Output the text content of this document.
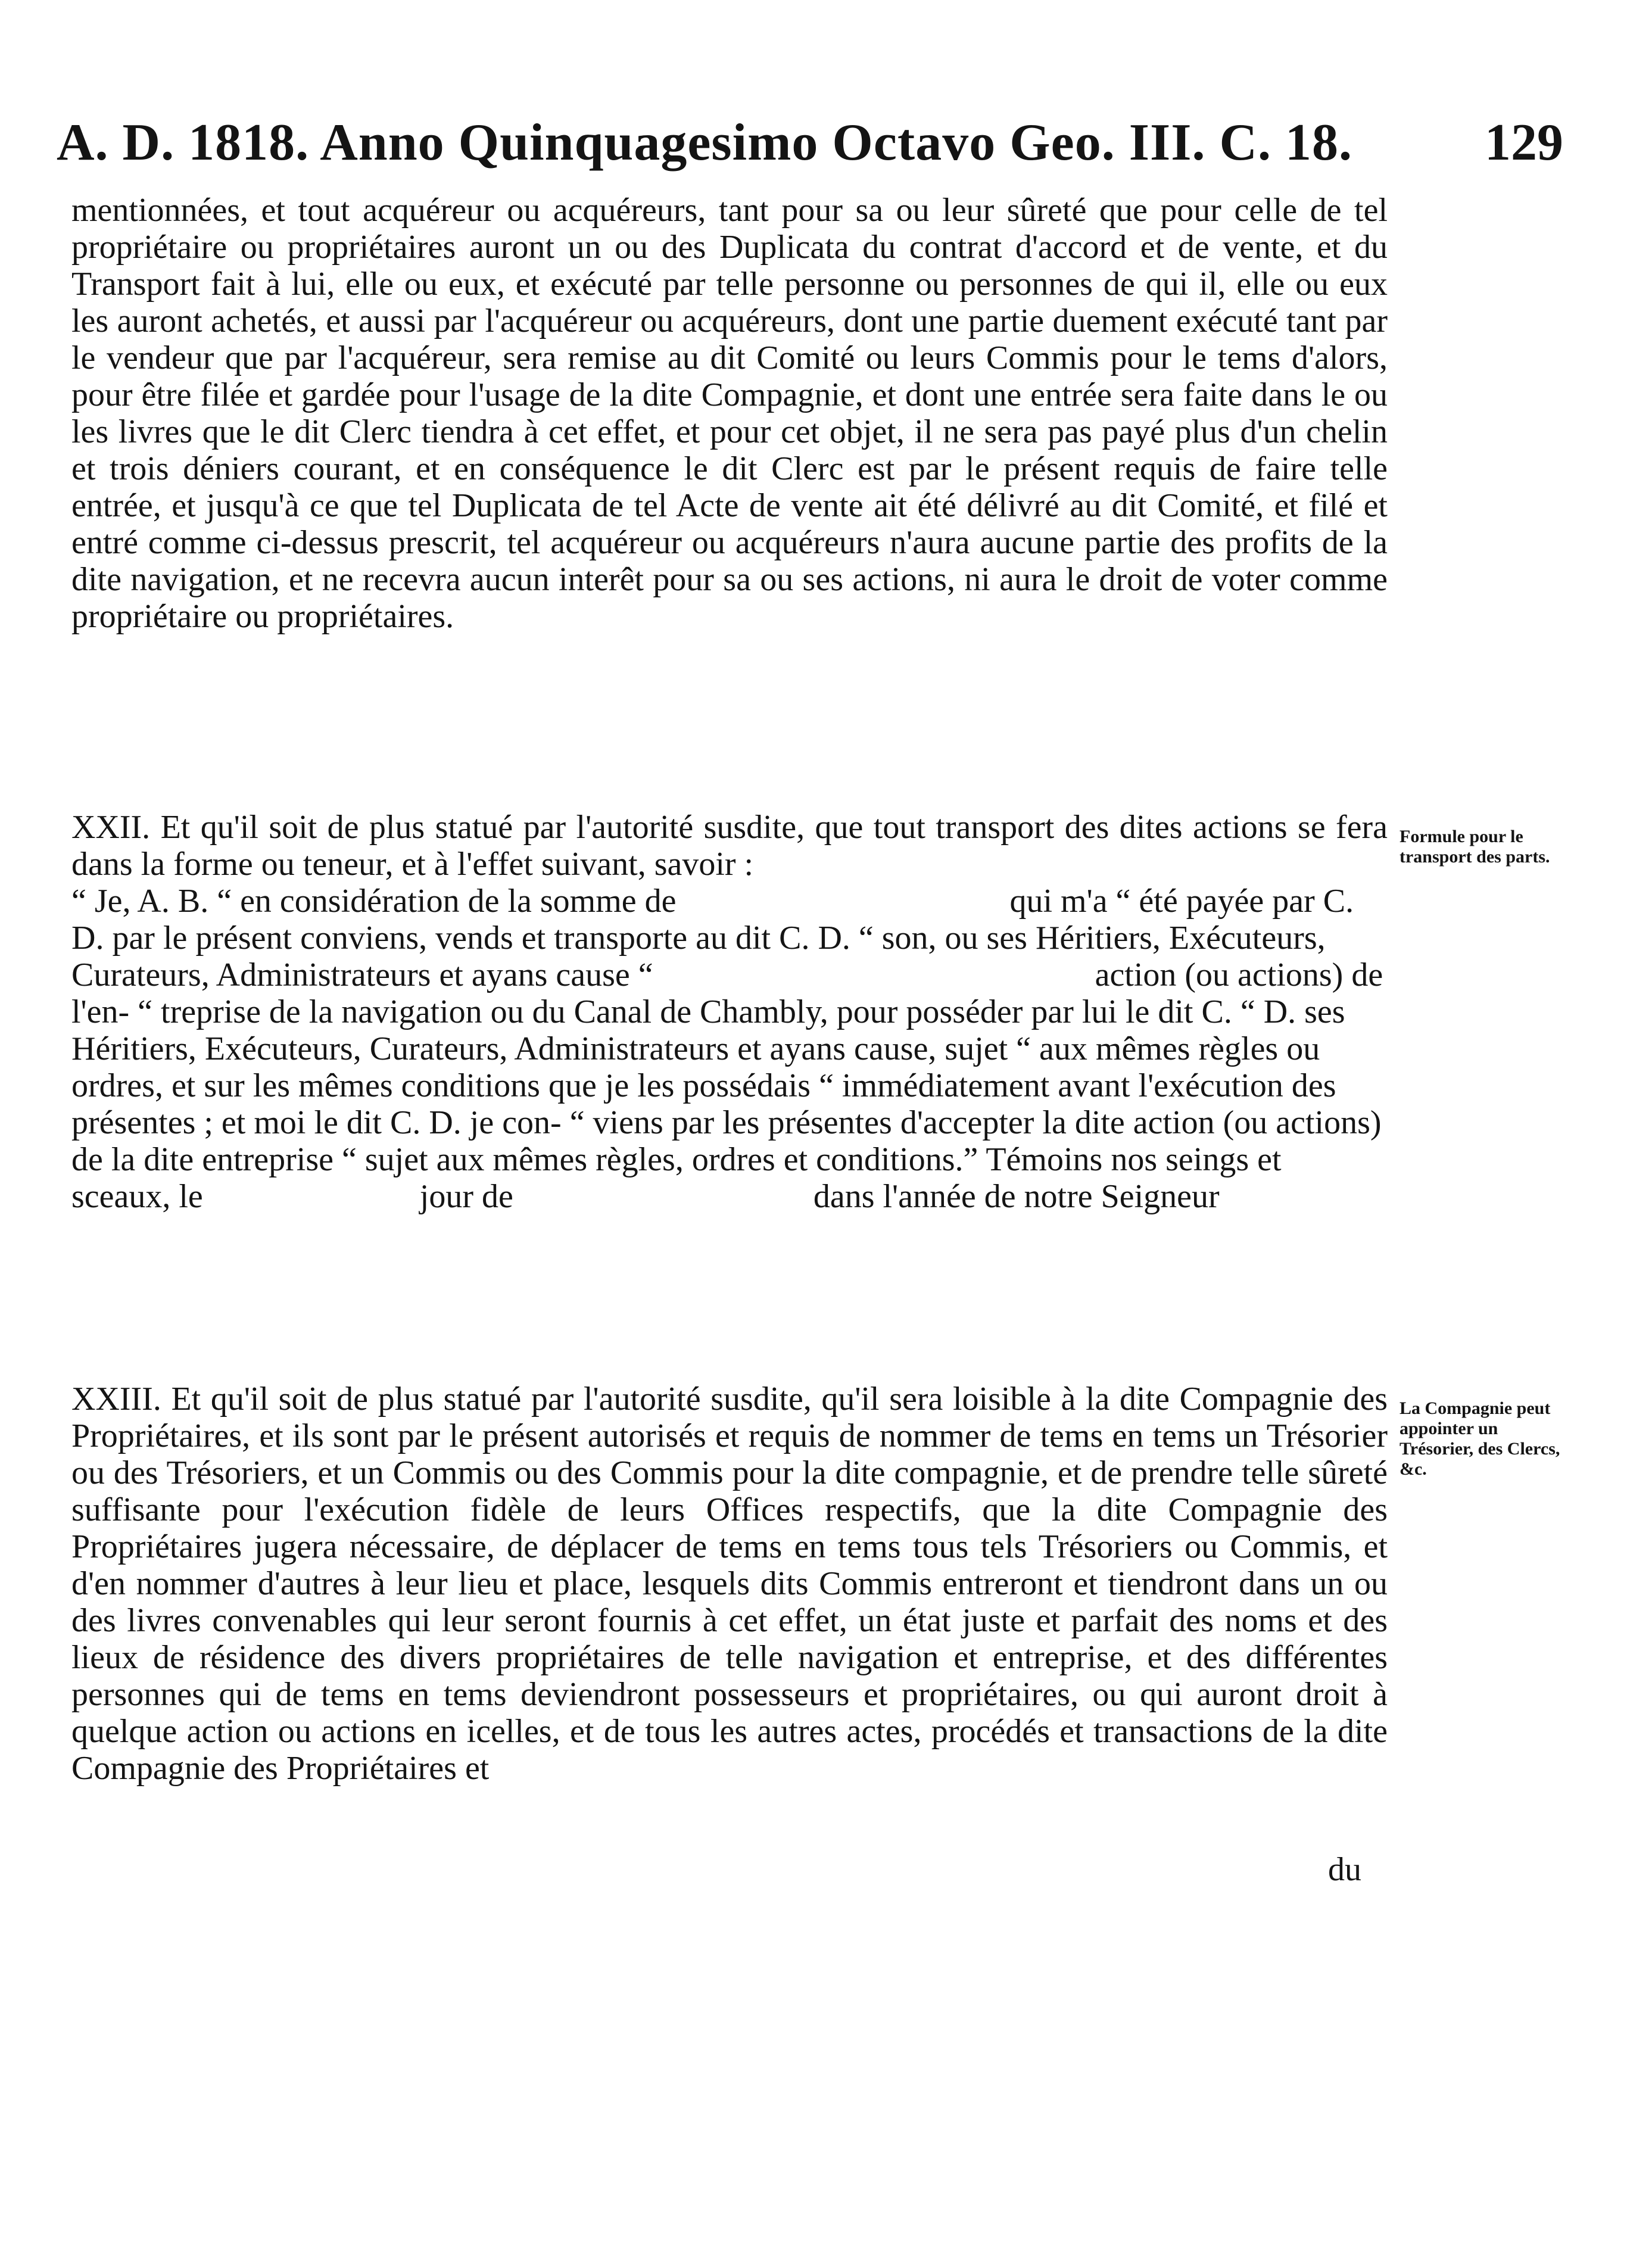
A. D. 1818. Anno Quinquagesimo Octavo Geo. III. C. 18.	129

mentionnées, et tout acquéreur ou acquéreurs, tant pour sa ou leur sûreté que pour celle de tel propriétaire ou propriétaires auront un ou des Duplicata du contrat d'accord et de vente, et du Transport fait à lui, elle ou eux, et exécuté par telle personne ou personnes de qui il, elle ou eux les auront achetés, et aussi par l'acquéreur ou acquéreurs, dont une partie duement exécuté tant par le vendeur que par l'acquéreur, sera remise au dit Comité ou leurs Commis pour le tems d'alors, pour être filée et gardée pour l'usage de la dite Compagnie, et dont une entrée sera faite dans le ou les livres que le dit Clerc tiendra à cet effet, et pour cet objet, il ne sera pas payé plus d'un chelin et trois déniers courant, et en conséquence le dit Clerc est par le présent requis de faire telle entrée, et jusqu'à ce que tel Duplicata de tel Acte de vente ait été délivré au dit Comité, et filé et entré comme ci-dessus prescrit, tel acquéreur ou acquéreurs n'aura aucune partie des profits de la dite navigation, et ne recevra aucun interêt pour sa ou ses actions, ni aura le droit de voter comme propriétaire ou propriétaires.

XXII. Et qu'il soit de plus statué par l'autorité susdite, que tout transport des dites actions se fera dans la forme ou teneur, et à l'effet suivant, savoir :

“ Je, A. B. “ en considération de la somme de                                        qui m'a “ été payée par C. D. par le présent conviens, vends et transporte au dit C. D. “ son, ou ses Héritiers, Exécuteurs, Curateurs, Administrateurs et ayans cause “                                                     action (ou actions) de l'en- “ treprise de la navigation ou du Canal de Chambly, pour posséder par lui le dit C. “ D. ses Héritiers, Exécuteurs, Curateurs, Administrateurs et ayans cause, sujet “ aux mêmes règles ou ordres, et sur les mêmes conditions que je les possédais “ immédiatement avant l'exécution des présentes ; et moi le dit C. D. je con- “ viens par les présentes d'accepter la dite action (ou actions) de la dite entreprise “ sujet aux mêmes règles, ordres et conditions.” Témoins nos seings et sceaux, le                          jour de                                    dans l'année de notre Seigneur

Formule pour le transport des parts.

XXIII. Et qu'il soit de plus statué par l'autorité susdite, qu'il sera loisible à la dite Compagnie des Propriétaires, et ils sont par le présent autorisés et requis de nommer de tems en tems un Trésorier ou des Trésoriers, et un Commis ou des Commis pour la dite compagnie, et de prendre telle sûreté suffisante pour l'exécution fidèle de leurs Offices respectifs, que la dite Compagnie des Propriétaires jugera nécessaire, de déplacer de tems en tems tous tels Trésoriers ou Commis, et d'en nommer d'autres à leur lieu et place, lesquels dits Commis entreront et tiendront dans un ou des livres convenables qui leur seront fournis à cet effet, un état juste et parfait des noms et des lieux de résidence des divers propriétaires de telle navigation et entreprise, et des différentes personnes qui de tems en tems deviendront possesseurs et propriétaires, ou qui auront droit à quelque action ou actions en icelles, et de tous les autres actes, procédés et transactions de la dite Compagnie des Propriétaires et

La Compagnie peut appointer un Trésorier, des Clercs, &c.
du
